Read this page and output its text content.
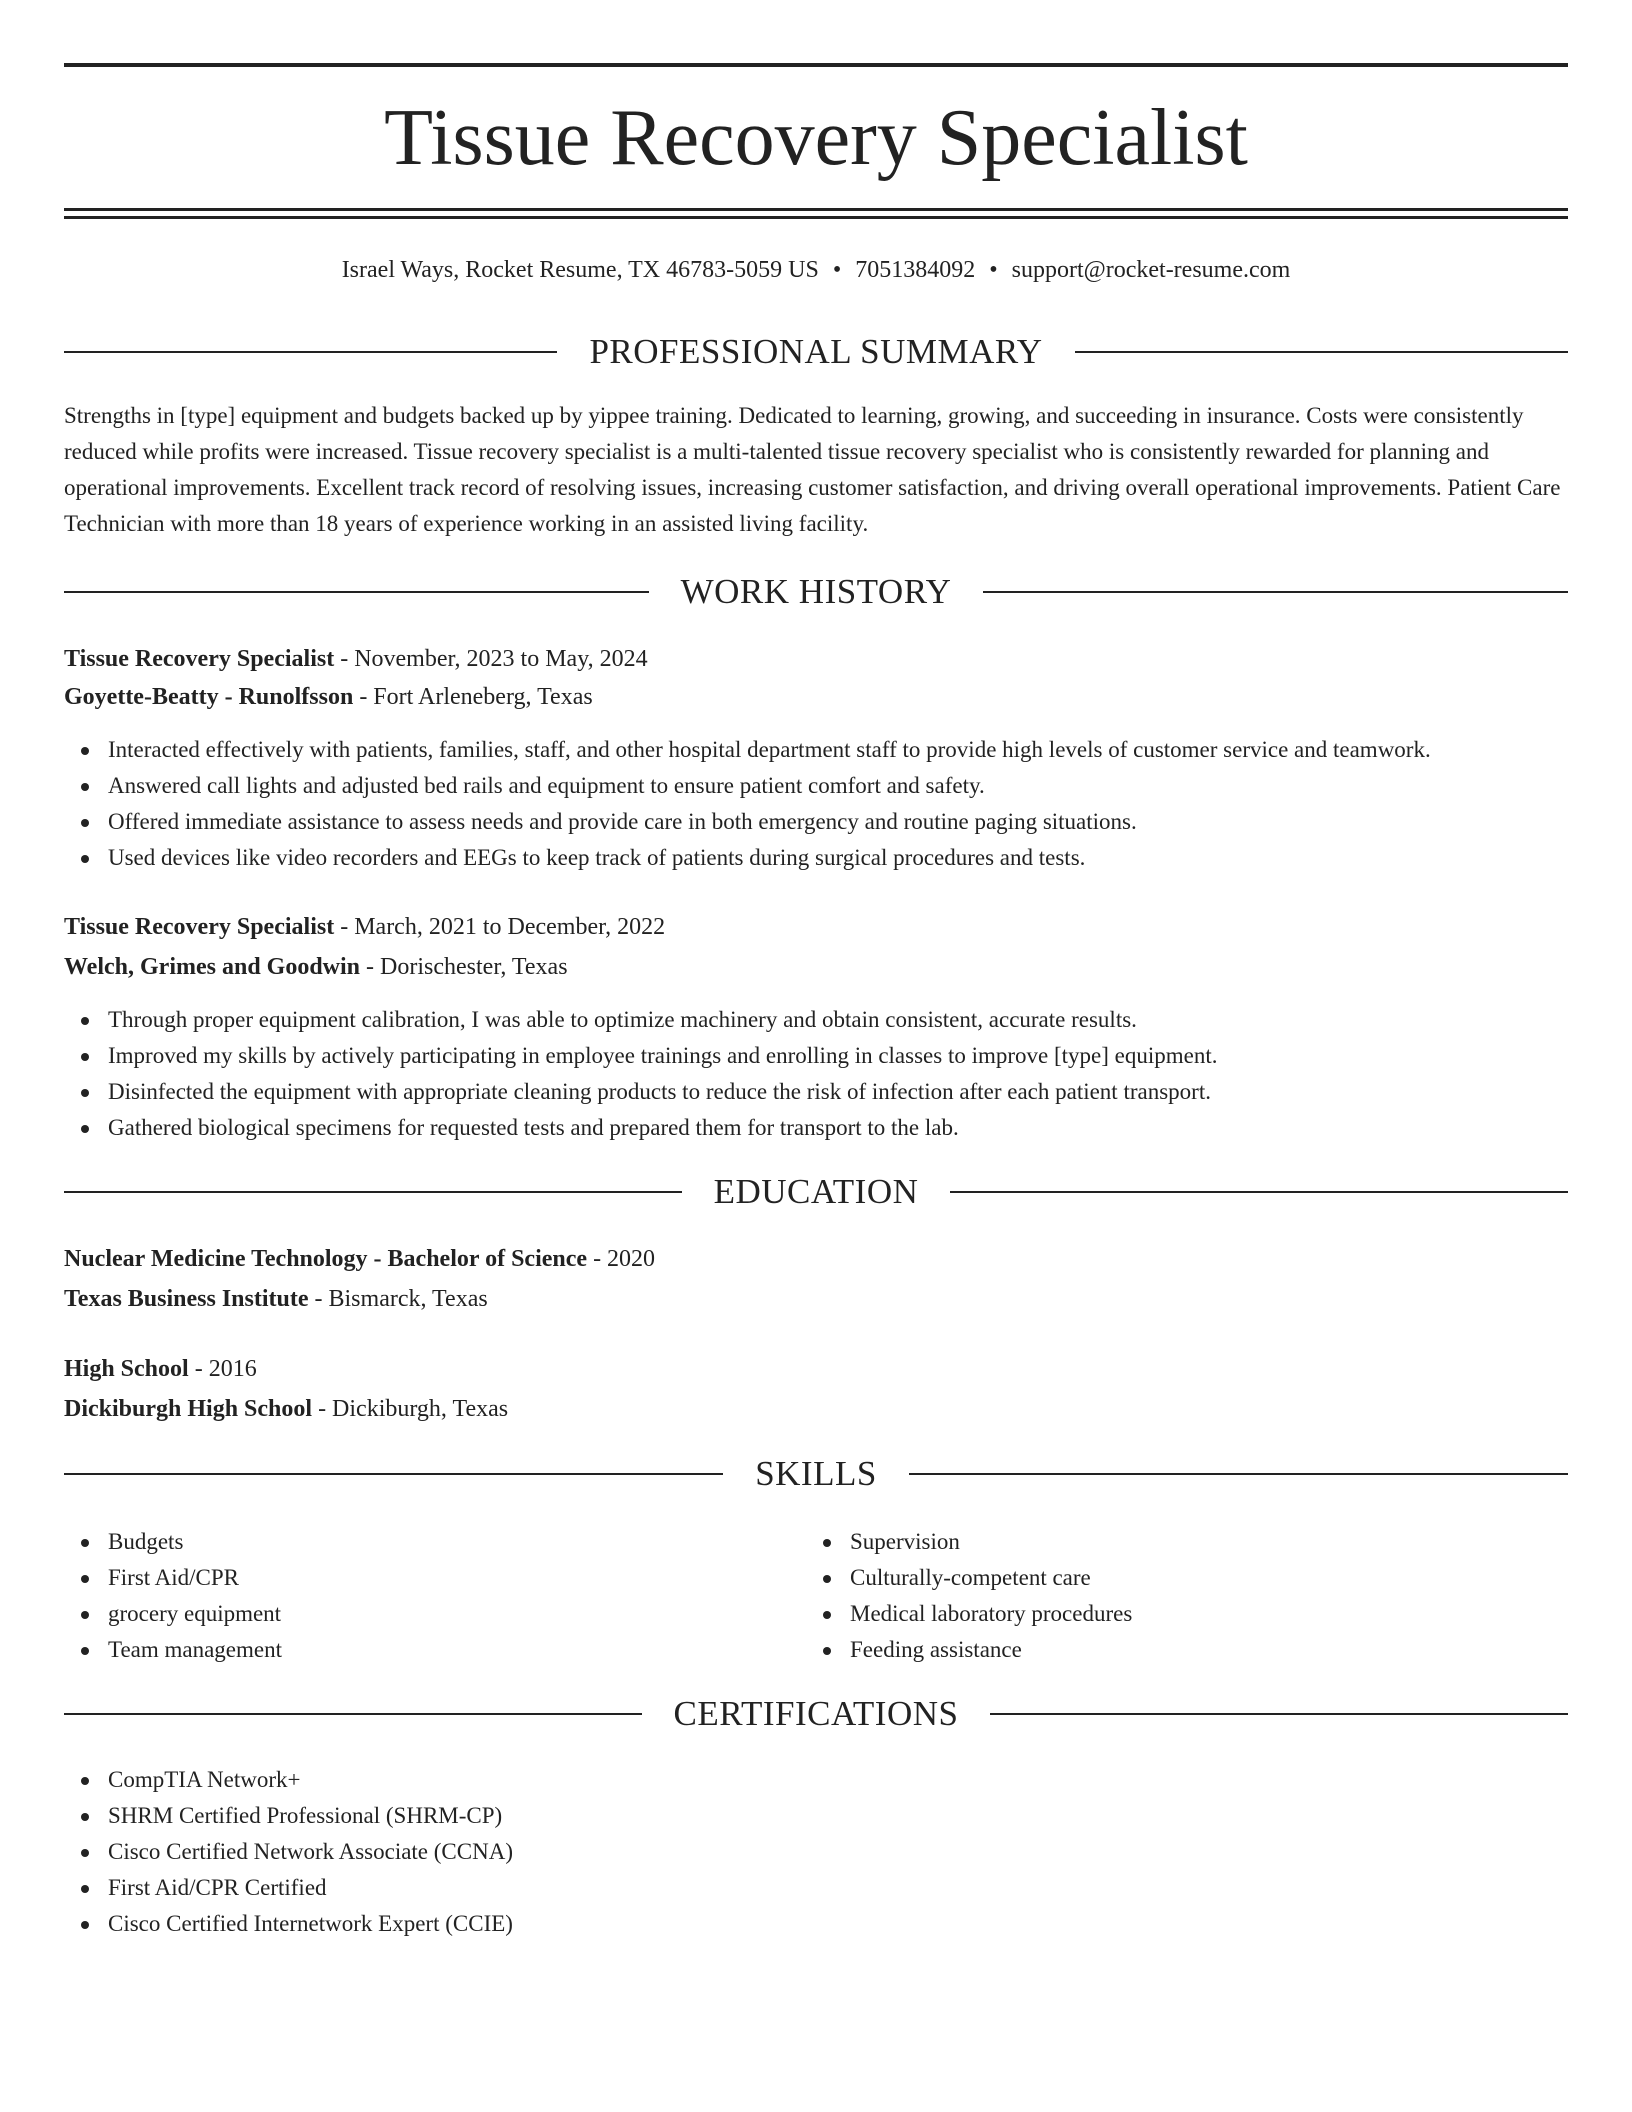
Tissue Recovery Specialist
Israel Ways, Rocket Resume, TX 46783-5059 US • 7051384092 • support@rocket-resume.com
PROFESSIONAL SUMMARY

Strengths in [type] equipment and budgets backed up by yippee training. Dedicated to learning, growing, and succeeding in insurance. Costs were consistently reduced while profits were increased. Tissue recovery specialist is a multi-talented tissue recovery specialist who is consistently rewarded for planning and operational improvements. Excellent track record of resolving issues, increasing customer satisfaction, and driving overall operational improvements. Patient Care Technician with more than 18 years of experience working in an assisted living facility.

WORK HISTORY
Tissue Recovery Specialist - November, 2023 to May, 2024
Goyette-Beatty - Runolfsson - Fort Arleneberg, Texas
Interacted effectively with patients, families, staff, and other hospital department staff to provide high levels of customer service and teamwork.
Answered call lights and adjusted bed rails and equipment to ensure patient comfort and safety.
Offered immediate assistance to assess needs and provide care in both emergency and routine paging situations.
Used devices like video recorders and EEGs to keep track of patients during surgical procedures and tests.
Tissue Recovery Specialist - March, 2021 to December, 2022
Welch, Grimes and Goodwin - Dorischester, Texas
Through proper equipment calibration, I was able to optimize machinery and obtain consistent, accurate results.
Improved my skills by actively participating in employee trainings and enrolling in classes to improve [type] equipment.
Disinfected the equipment with appropriate cleaning products to reduce the risk of infection after each patient transport.
Gathered biological specimens for requested tests and prepared them for transport to the lab.
EDUCATION
Nuclear Medicine Technology - Bachelor of Science - 2020
Texas Business Institute - Bismarck, Texas
High School - 2016
Dickiburgh High School - Dickiburgh, Texas
SKILLS
Budgets
First Aid/CPR
grocery equipment
Team management
Supervision
Culturally-competent care
Medical laboratory procedures
Feeding assistance
CERTIFICATIONS
CompTIA Network+
SHRM Certified Professional (SHRM-CP)
Cisco Certified Network Associate (CCNA)
First Aid/CPR Certified
Cisco Certified Internetwork Expert (CCIE)
